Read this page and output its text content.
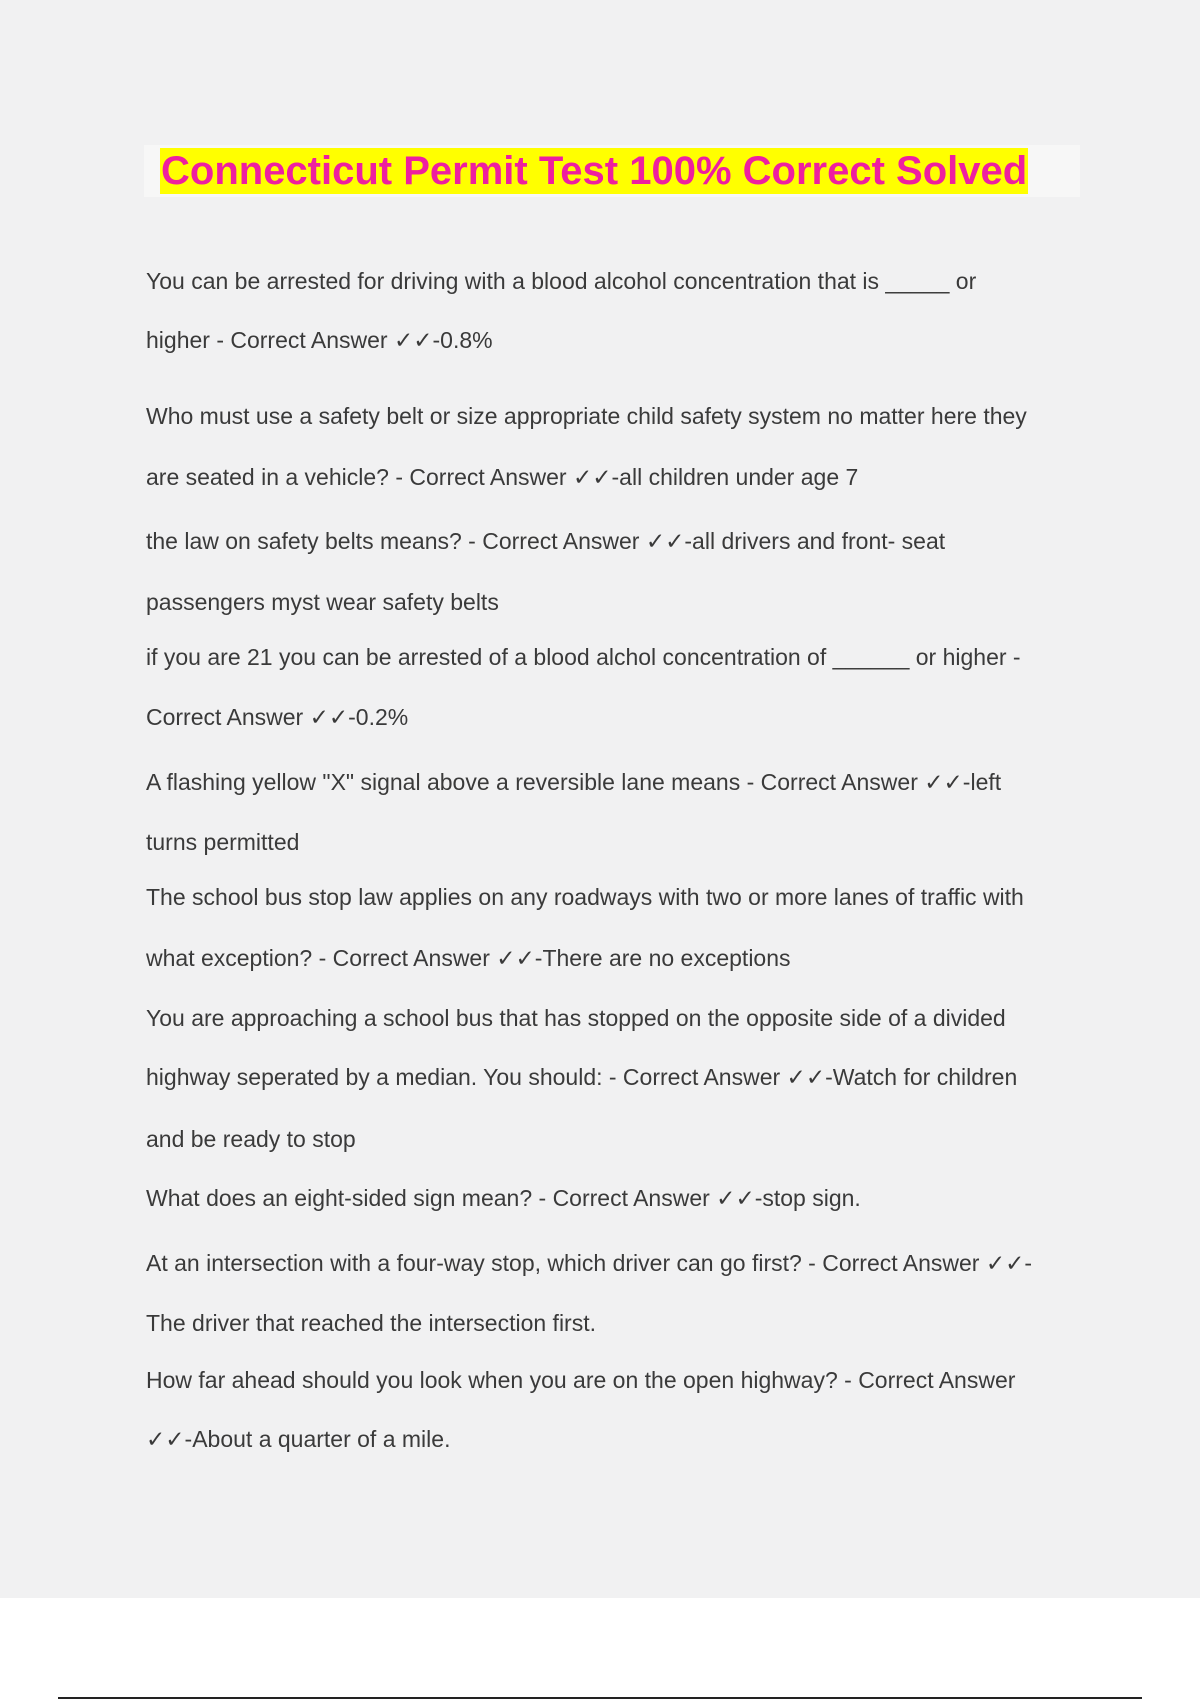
Connecticut Permit Test 100% Correct Solved

You can be arrested for driving with a blood alcohol concentration that is _____ or

higher - Correct Answer ✓✓-0.8%

Who must use a safety belt or size appropriate child safety system no matter here they

are seated in a vehicle? - Correct Answer ✓✓-all children under age 7

the law on safety belts means? - Correct Answer ✓✓-all drivers and front- seat

passengers myst wear safety belts

if you are 21 you can be arrested of a blood alchol concentration of ______ or higher -

Correct Answer ✓✓-0.2%

A flashing yellow "X" signal above a reversible lane means - Correct Answer ✓✓-left

turns permitted

The school bus stop law applies on any roadways with two or more lanes of traffic with

what exception? - Correct Answer ✓✓-There are no exceptions

You are approaching a school bus that has stopped on the opposite side of a divided

highway seperated by a median. You should: - Correct Answer ✓✓-Watch for children

and be ready to stop

What does an eight-sided sign mean? - Correct Answer ✓✓-stop sign.

At an intersection with a four-way stop, which driver can go first? - Correct Answer ✓✓-

The driver that reached the intersection first.

How far ahead should you look when you are on the open highway? - Correct Answer

✓✓-About a quarter of a mile.
